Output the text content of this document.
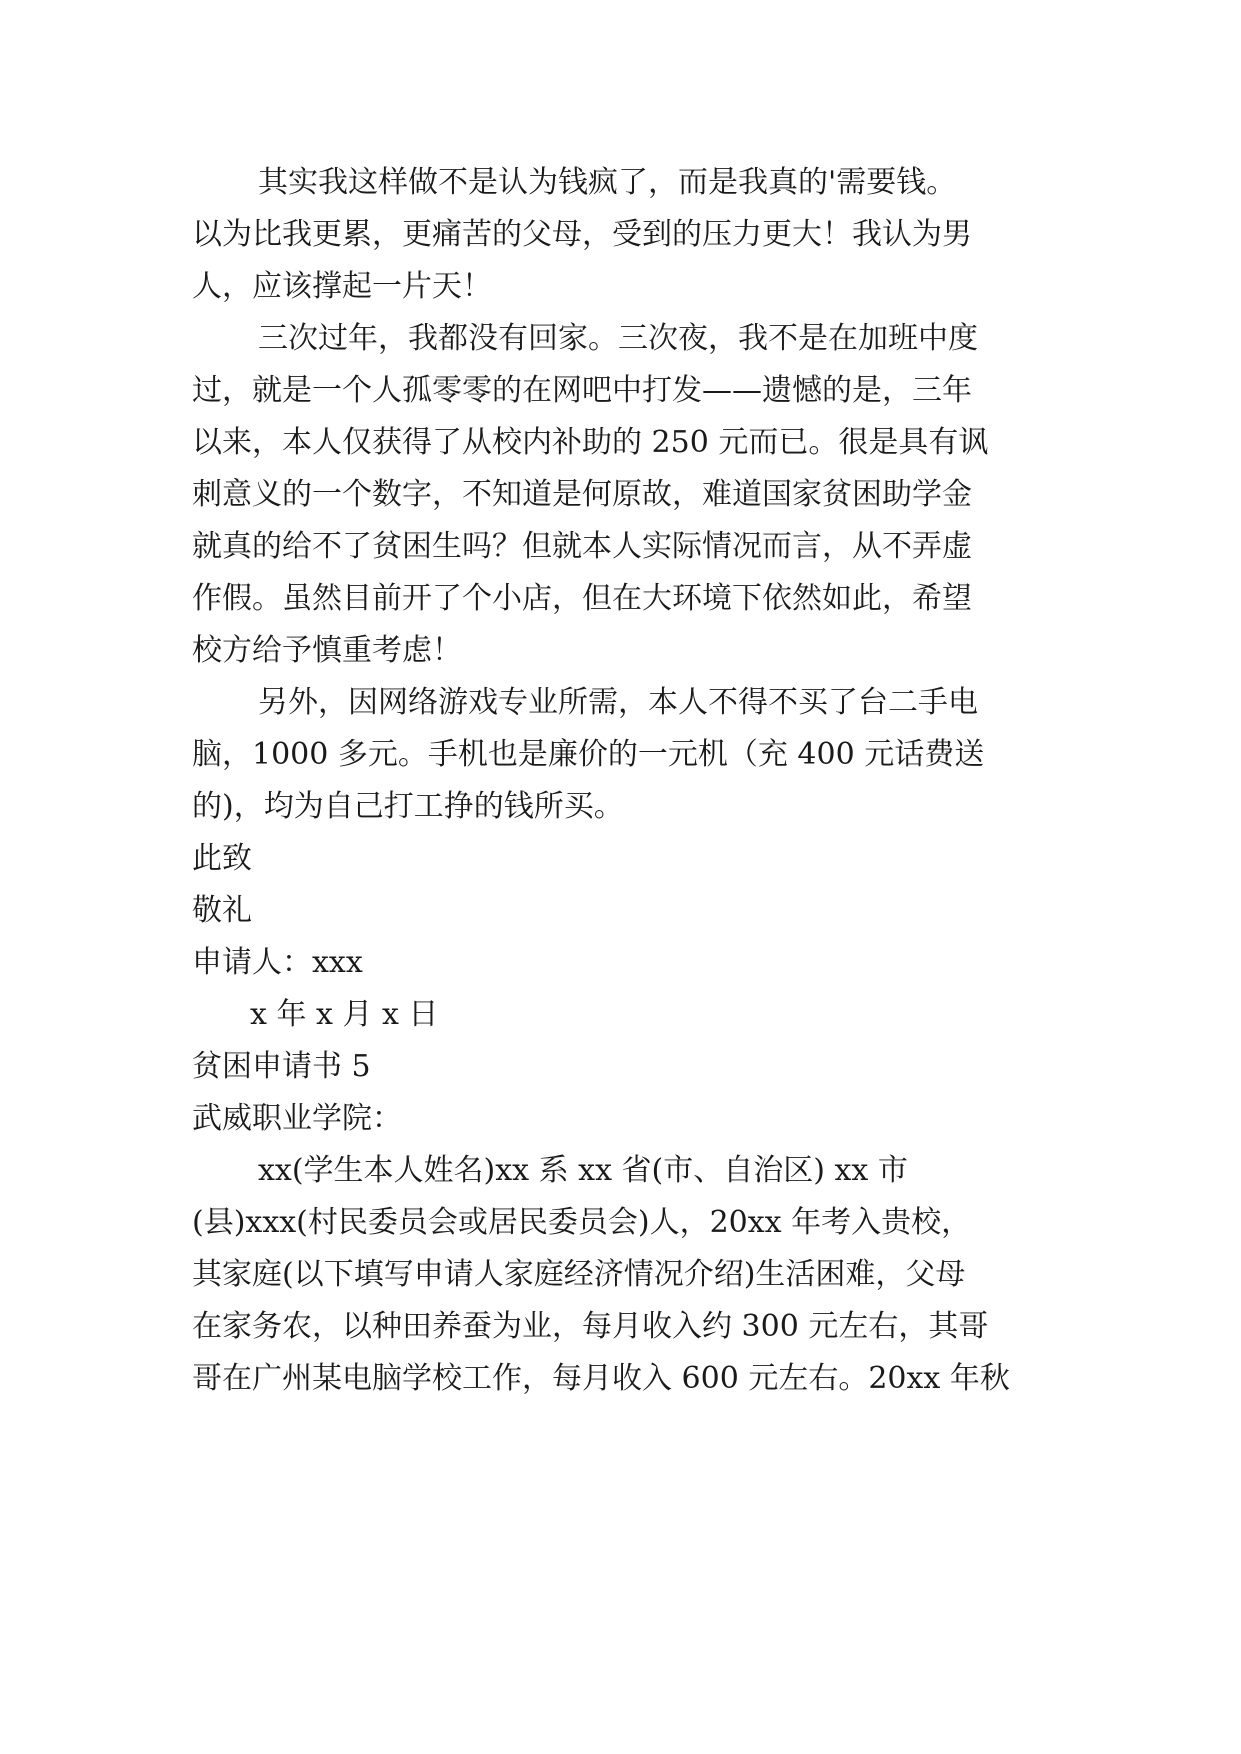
其实我这样做不是认为钱疯了，而是我真的'需要钱。
以为比我更累，更痛苦的父母，受到的压力更大！我认为男
人，应该撑起一片天！
三次过年，我都没有回家。三次夜，我不是在加班中度
过，就是一个人孤零零的在网吧中打发——遗憾的是，三年
以来，本人仅获得了从校内补助的 250 元而已。很是具有讽
刺意义的一个数字，不知道是何原故，难道国家贫困助学金
就真的给不了贫困生吗？但就本人实际情况而言，从不弄虚
作假。虽然目前开了个小店，但在大环境下依然如此，希望
校方给予慎重考虑！
另外，因网络游戏专业所需，本人不得不买了台二手电
脑，1000 多元。手机也是廉价的一元机（充 400 元话费送
的)，均为自己打工挣的钱所买。
此致
敬礼
申请人：xxx
x 年 x 月 x 日
贫困申请书 5
武威职业学院：
xx(学生本人姓名)xx 系 xx 省(市、自治区) xx 市
(县)xxx(村民委员会或居民委员会)人，20xx 年考入贵校，
其家庭(以下填写申请人家庭经济情况介绍)生活困难，父母
在家务农，以种田养蚕为业，每月收入约 300 元左右，其哥
哥在广州某电脑学校工作，每月收入 600 元左右。20xx 年秋
